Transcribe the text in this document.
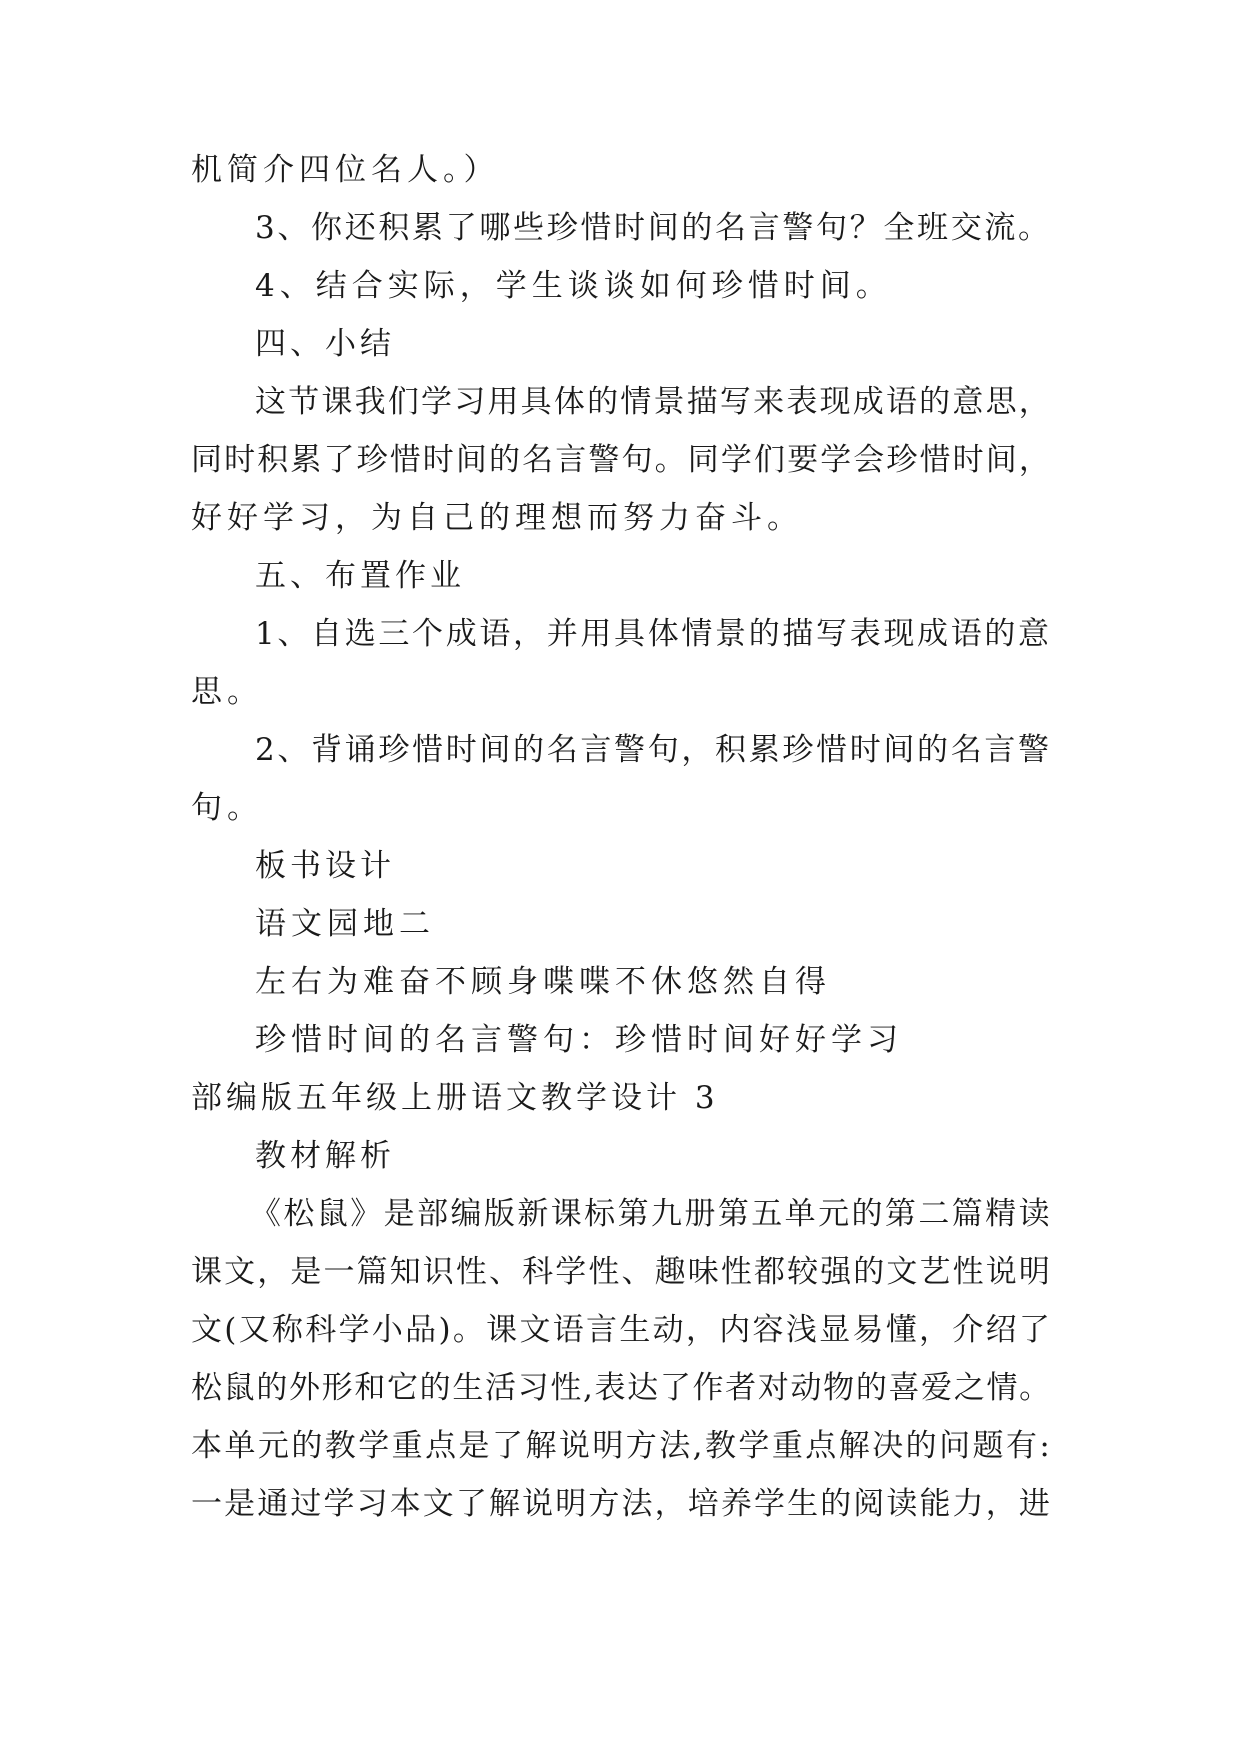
机简介四位名人。）
3、你还积累了哪些珍惜时间的名言警句？全班交流。
4、结合实际，学生谈谈如何珍惜时间。
四、小结
这节课我们学习用具体的情景描写来表现成语的意思，
同时积累了珍惜时间的名言警句。同学们要学会珍惜时间，
好好学习，为自己的理想而努力奋斗。
五、布置作业
1、自选三个成语，并用具体情景的描写表现成语的意
思。
2、背诵珍惜时间的名言警句，积累珍惜时间的名言警
句。
板书设计
语文园地二
左右为难奋不顾身喋喋不休悠然自得
珍惜时间的名言警句：珍惜时间好好学习
部编版五年级上册语文教学设计 3
教材解析
《松鼠》是部编版新课标第九册第五单元的第二篇精读
课文，是一篇知识性、科学性、趣味性都较强的文艺性说明
文(又称科学小品)。课文语言生动，内容浅显易懂，介绍了
松鼠的外形和它的生活习性,表达了作者对动物的喜爱之情。
本单元的教学重点是了解说明方法,教学重点解决的问题有:
一是通过学习本文了解说明方法，培养学生的阅读能力，进
